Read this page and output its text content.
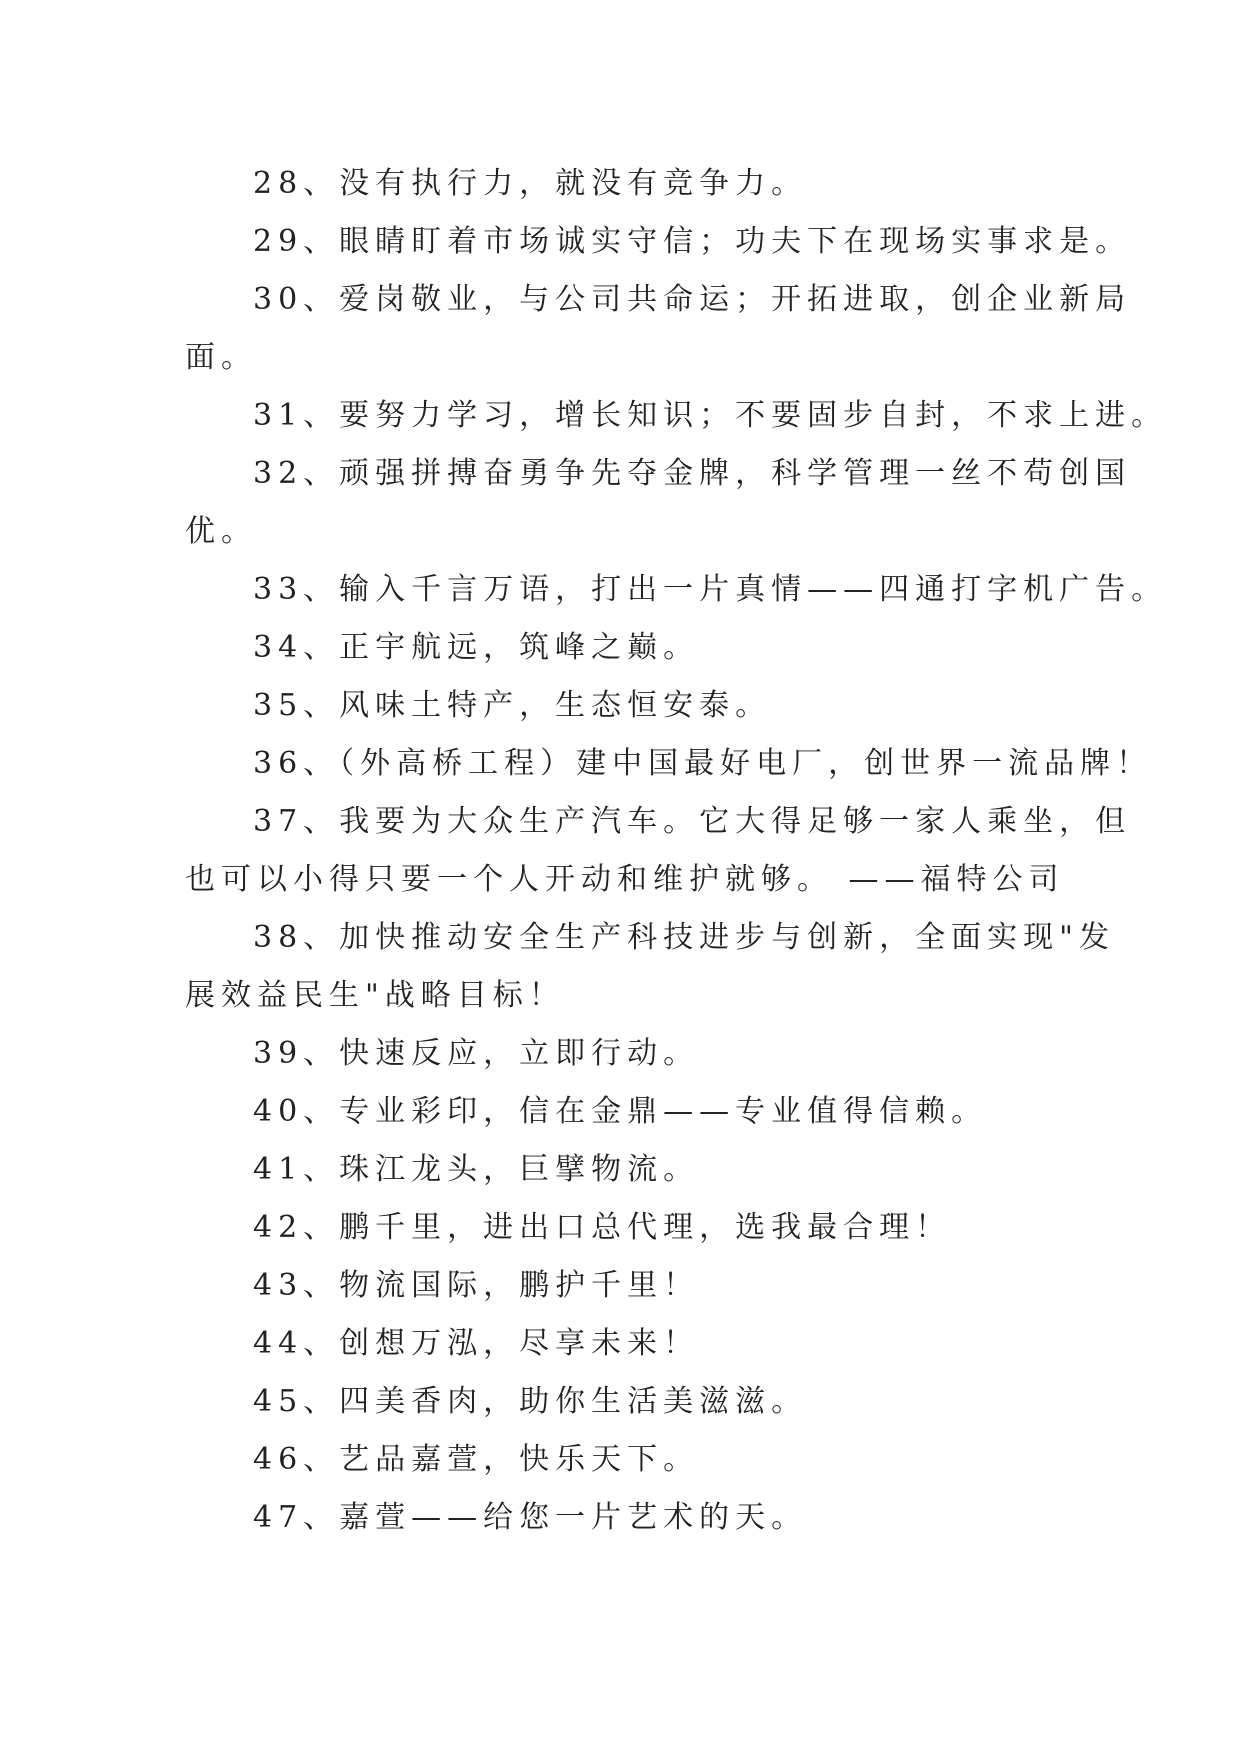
28、没有执行力，就没有竞争力。
29、眼睛盯着市场诚实守信；功夫下在现场实事求是。
30、爱岗敬业，与公司共命运；开拓进取，创企业新局
面。
31、要努力学习，增长知识；不要固步自封，不求上进。
32、顽强拼搏奋勇争先夺金牌，科学管理一丝不苟创国
优。
33、输入千言万语，打出一片真情——四通打字机广告。
34、正宇航远，筑峰之巅。
35、风味土特产，生态恒安泰。
36、（外高桥工程）建中国最好电厂，创世界一流品牌！
37、我要为大众生产汽车。它大得足够一家人乘坐，但
也可以小得只要一个人开动和维护就够。 ——福特公司
38、加快推动安全生产科技进步与创新，全面实现"发
展效益民生"战略目标！
39、快速反应，立即行动。
40、专业彩印，信在金鼎——专业值得信赖。
41、珠江龙头，巨擘物流。
42、鹏千里，进出口总代理，选我最合理！
43、物流国际，鹏护千里！
44、创想万泓，尽享未来！
45、四美香肉，助你生活美滋滋。
46、艺品嘉萱，快乐天下。
47、嘉萱——给您一片艺术的天。
